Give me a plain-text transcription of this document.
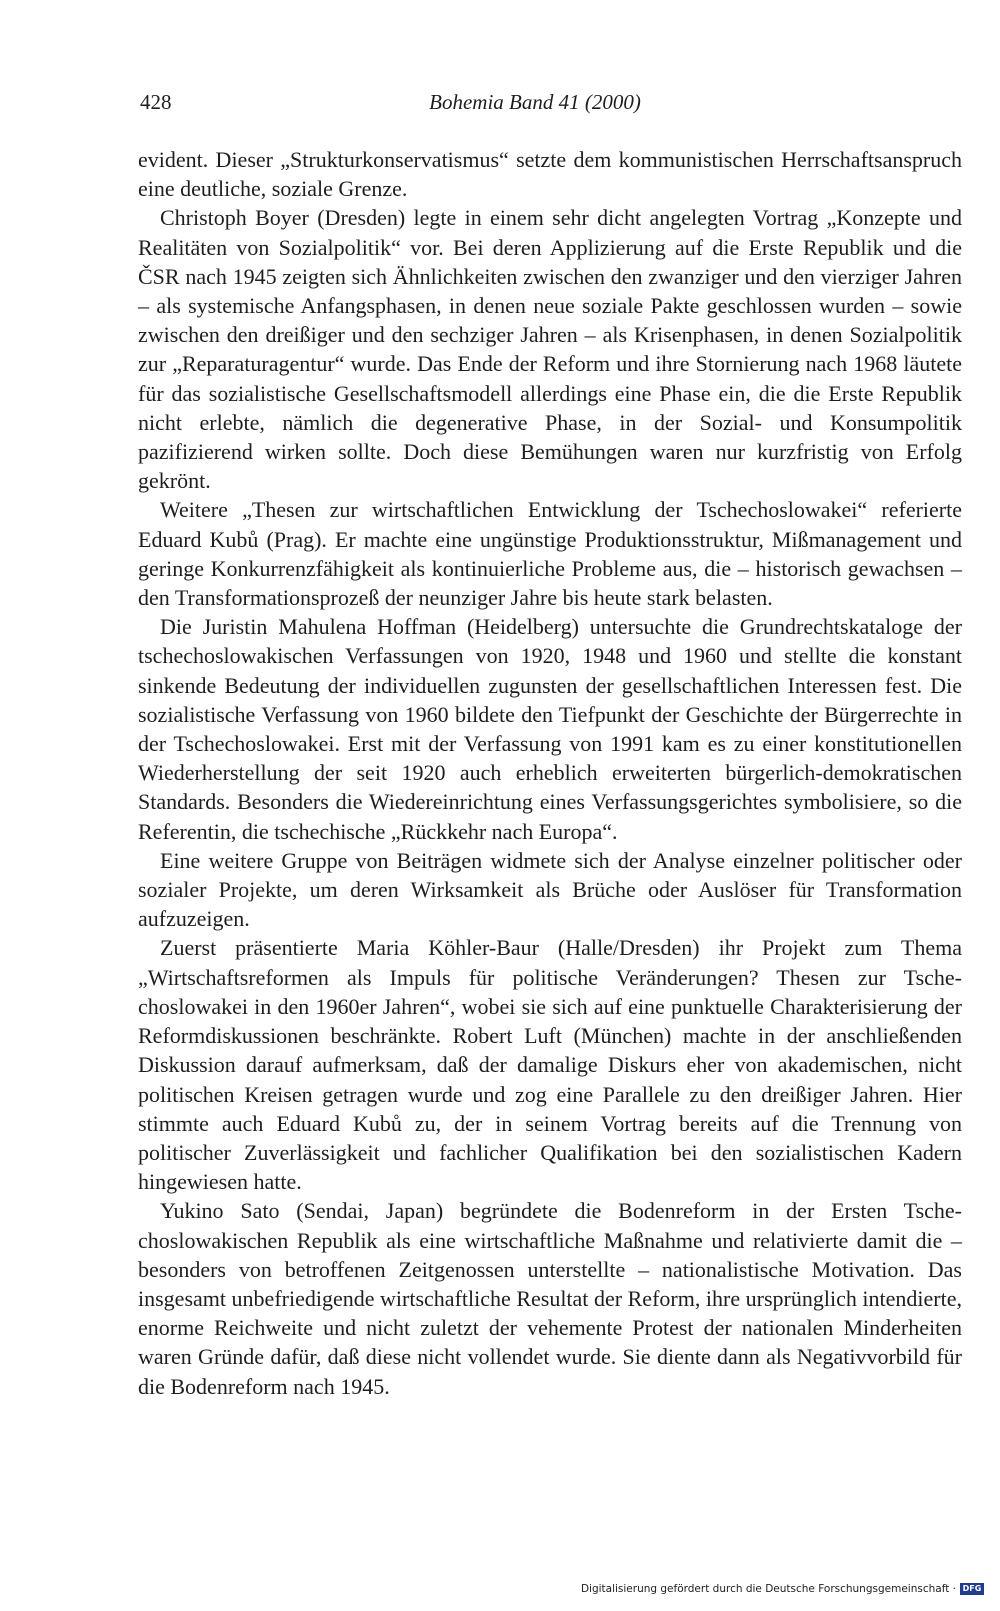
428	Bohemia Band 41 (2000)

evident. Dieser „Strukturkonservatismus“ setzte dem kommunistischen Herrschaftsanspruch eine deutliche, soziale Grenze.

Christoph Boyer (Dresden) legte in einem sehr dicht angelegten Vortrag „Konzepte und Realitäten von Sozialpolitik“ vor. Bei deren Applizierung auf die Erste Republik und die ČSR nach 1945 zeigten sich Ähnlichkeiten zwischen den zwanziger und den vierziger Jahren – als systemische Anfangsphasen, in denen neue soziale Pakte geschlossen wurden – sowie zwischen den dreißiger und den sechziger Jahren – als Krisenphasen, in denen Sozialpolitik zur „Reparaturagentur“ wurde. Das Ende der Reform und ihre Stornierung nach 1968 läutete für das sozialistische Gesellschaftsmodell allerdings eine Phase ein, die die Erste Republik nicht erlebte, nämlich die degenerative Phase, in der Sozial- und Konsumpolitik pazifizierend wirken sollte. Doch diese Bemühungen waren nur kurzfristig von Erfolg gekrönt.

Weitere „Thesen zur wirtschaftlichen Entwicklung der Tschechoslowakei“ referierte Eduard Kubů (Prag). Er machte eine ungünstige Produktionsstruktur, Mißmanagement und geringe Konkurrenzfähigkeit als kontinuierliche Probleme aus, die – historisch gewachsen – den Transformationsprozeß der neunziger Jahre bis heute stark belasten.

Die Juristin Mahulena Hoffman (Heidelberg) untersuchte die Grundrechtskataloge der tschechoslowakischen Verfassungen von 1920, 1948 und 1960 und stellte die konstant sinkende Bedeutung der individuellen zugunsten der gesellschaftlichen Interessen fest. Die sozialistische Verfassung von 1960 bildete den Tiefpunkt der Geschichte der Bürgerrechte in der Tschechoslowakei. Erst mit der Verfassung von 1991 kam es zu einer konstitutionellen Wiederherstellung der seit 1920 auch erheblich erweiterten bürgerlich-demokratischen Standards. Besonders die Wiedereinrichtung eines Verfassungsgerichtes symbolisiere, so die Referentin, die tschechische „Rückkehr nach Europa“.

Eine weitere Gruppe von Beiträgen widmete sich der Analyse einzelner politischer oder sozialer Projekte, um deren Wirksamkeit als Brüche oder Auslöser für Transformation aufzuzeigen.

Zuerst präsentierte Maria Köhler-Baur (Halle/Dresden) ihr Projekt zum Thema „Wirtschaftsreformen als Impuls für politische Veränderungen? Thesen zur Tschechoslowakei in den 1960er Jahren“, wobei sie sich auf eine punktuelle Charakterisierung der Reformdiskussionen beschränkte. Robert Luft (München) machte in der anschließenden Diskussion darauf aufmerksam, daß der damalige Diskurs eher von akademischen, nicht politischen Kreisen getragen wurde und zog eine Parallele zu den dreißiger Jahren. Hier stimmte auch Eduard Kubů zu, der in seinem Vortrag bereits auf die Trennung von politischer Zuverlässigkeit und fachlicher Qualifikation bei den sozialistischen Kadern hingewiesen hatte.

Yukino Sato (Sendai, Japan) begründete die Bodenreform in der Ersten Tschechoslowakischen Republik als eine wirtschaftliche Maßnahme und relativierte damit die – besonders von betroffenen Zeitgenossen unterstellte – nationalistische Motivation. Das insgesamt unbefriedigende wirtschaftliche Resultat der Reform, ihre ursprünglich intendierte, enorme Reichweite und nicht zuletzt der vehemente Protest der nationalen Minderheiten waren Gründe dafür, daß diese nicht vollendet wurde. Sie diente dann als Negativvorbild für die Bodenreform nach 1945.

Digitalisierung gefördert durch die Deutsche Forschungsgemeinschaft · DFG
